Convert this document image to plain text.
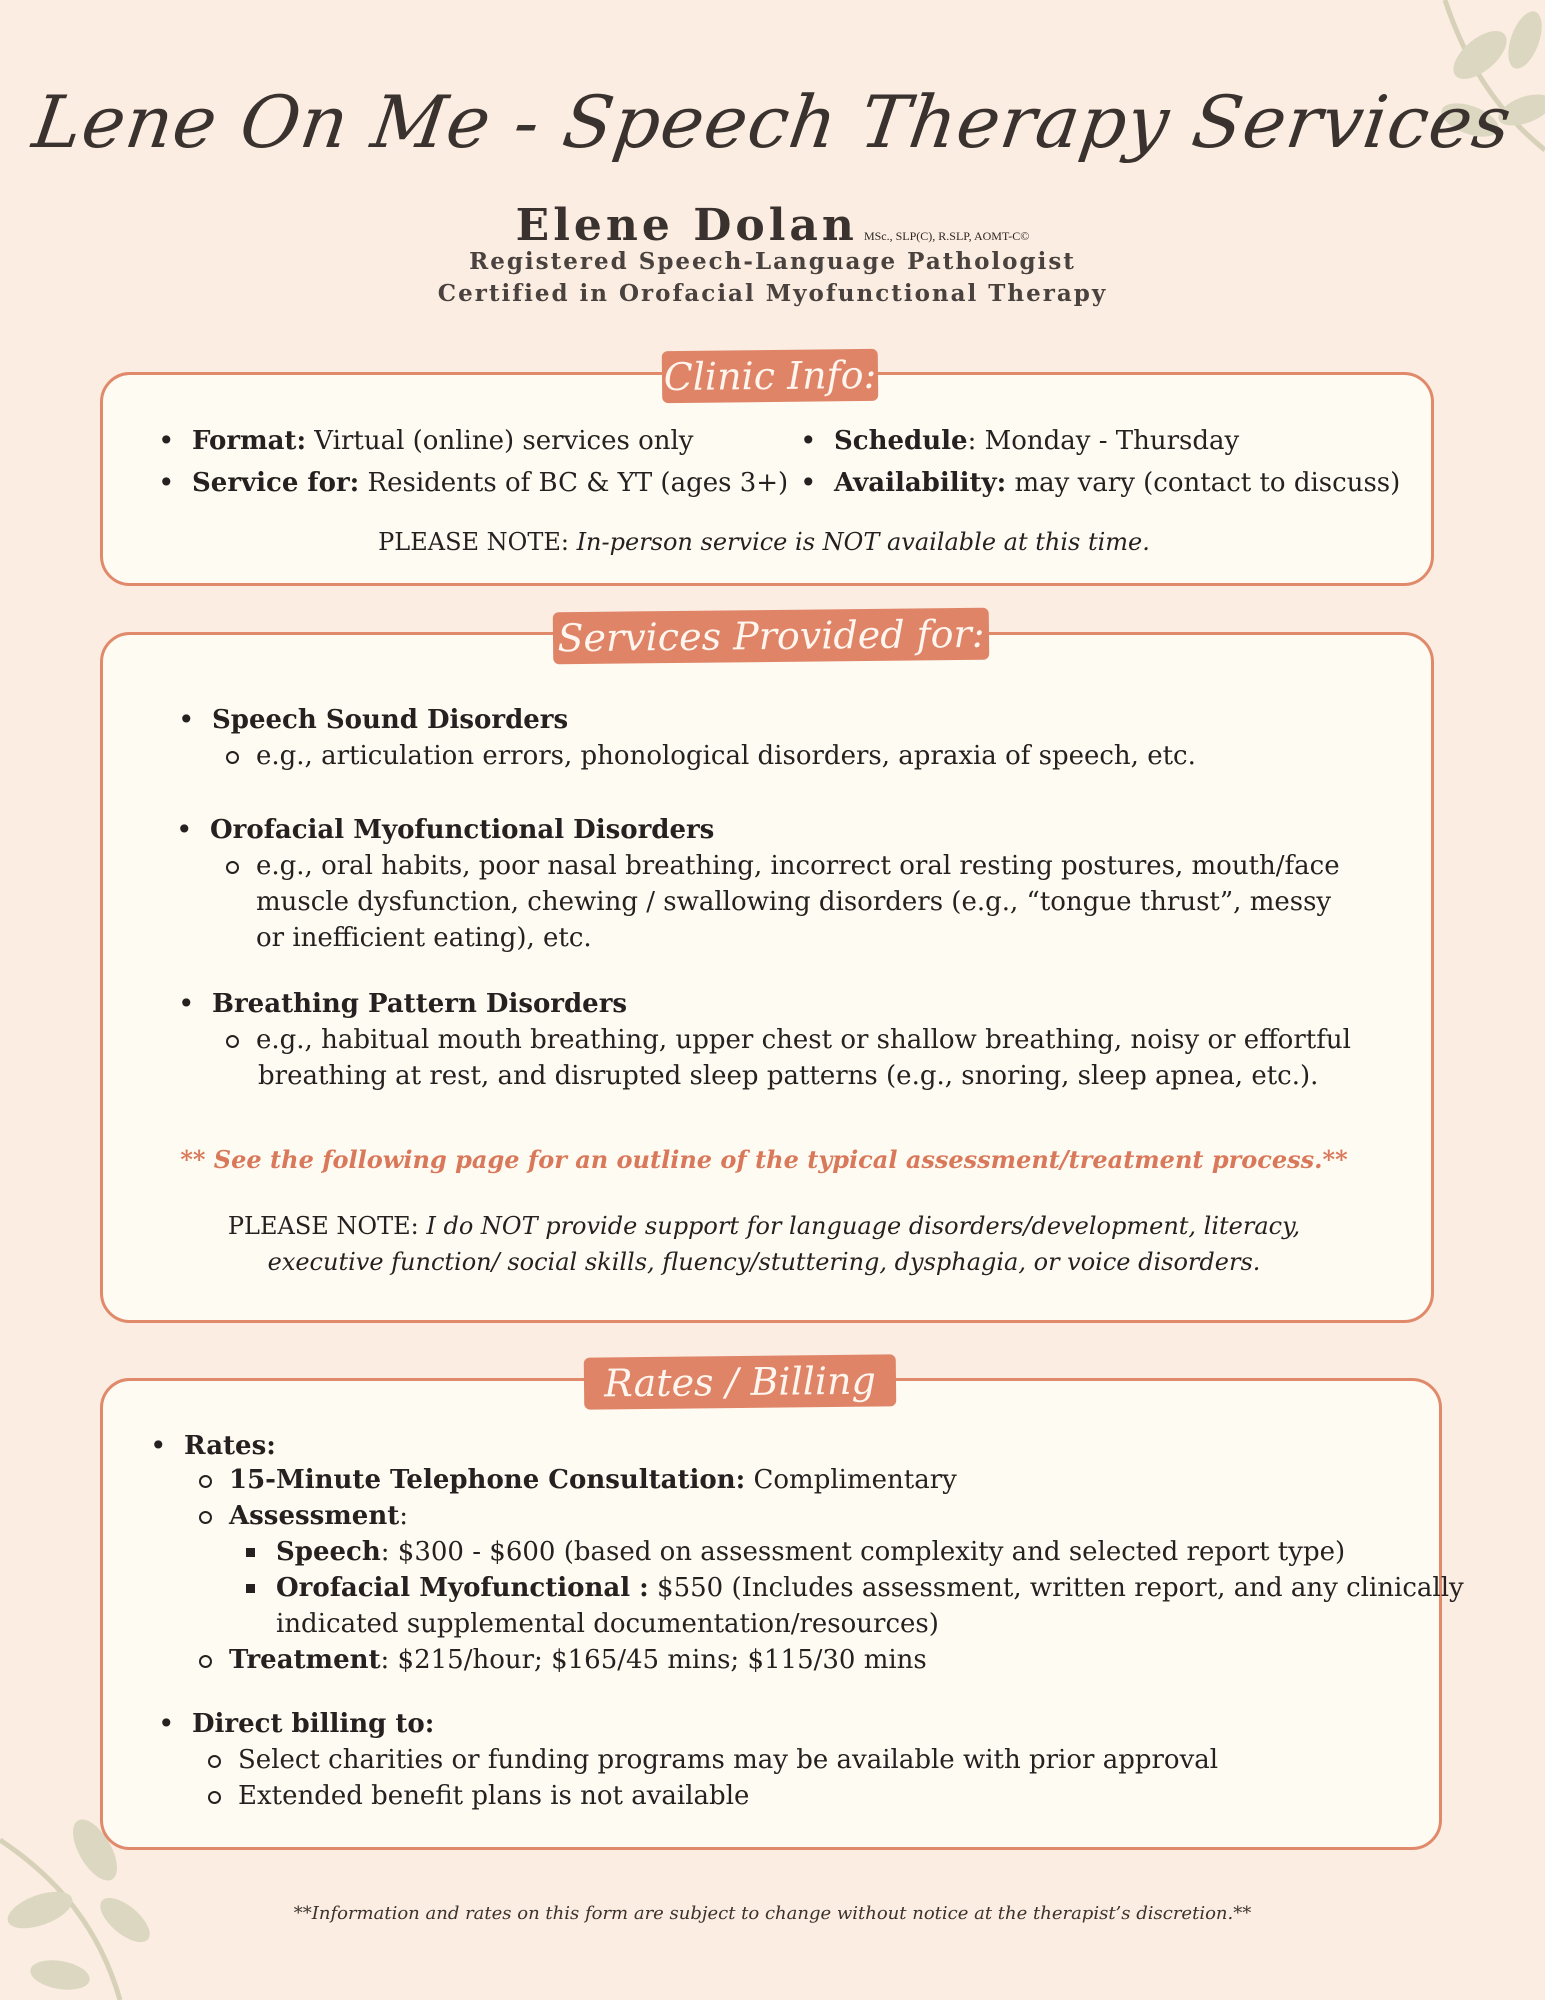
Lene On Me - Speech Therapy Services
Elene Dolan MSc., SLP(C), R.SLP, AOMT-C©
Registered Speech-Language Pathologist
Certified in Orofacial Myofunctional Therapy
Clinic Info:
• Format: Virtual (online) services only
• Service for: Residents of BC & YT (ages 3+)
• Schedule: Monday - Thursday
• Availability: may vary (contact to discuss)
PLEASE NOTE: In-person service is NOT available at this time.
Services Provided for:
• Speech Sound Disorders
e.g., articulation errors, phonological disorders, apraxia of speech, etc.
• Orofacial Myofunctional Disorders
e.g., oral habits, poor nasal breathing, incorrect oral resting postures, mouth/face
muscle dysfunction, chewing / swallowing disorders (e.g., “tongue thrust”, messy
or inefficient eating), etc.
• Breathing Pattern Disorders
e.g., habitual mouth breathing, upper chest or shallow breathing, noisy or effortful
breathing at rest, and disrupted sleep patterns (e.g., snoring, sleep apnea, etc.).
** See the following page for an outline of the typical assessment/treatment process.**
PLEASE NOTE: I do NOT provide support for language disorders/development, literacy,
executive function/ social skills, fluency/stuttering, dysphagia, or voice disorders.
Rates / Billing
• Rates:
15-Minute Telephone Consultation: Complimentary
Assessment:
Speech: $300 - $600 (based on assessment complexity and selected report type)
Orofacial Myofunctional : $550 (Includes assessment, written report, and any clinically
indicated supplemental documentation/resources)
Treatment: $215/hour; $165/45 mins; $115/30 mins
• Direct billing to:
Select charities or funding programs may be available with prior approval
Extended benefit plans is not available
**Information and rates on this form are subject to change without notice at the therapist’s discretion.**
